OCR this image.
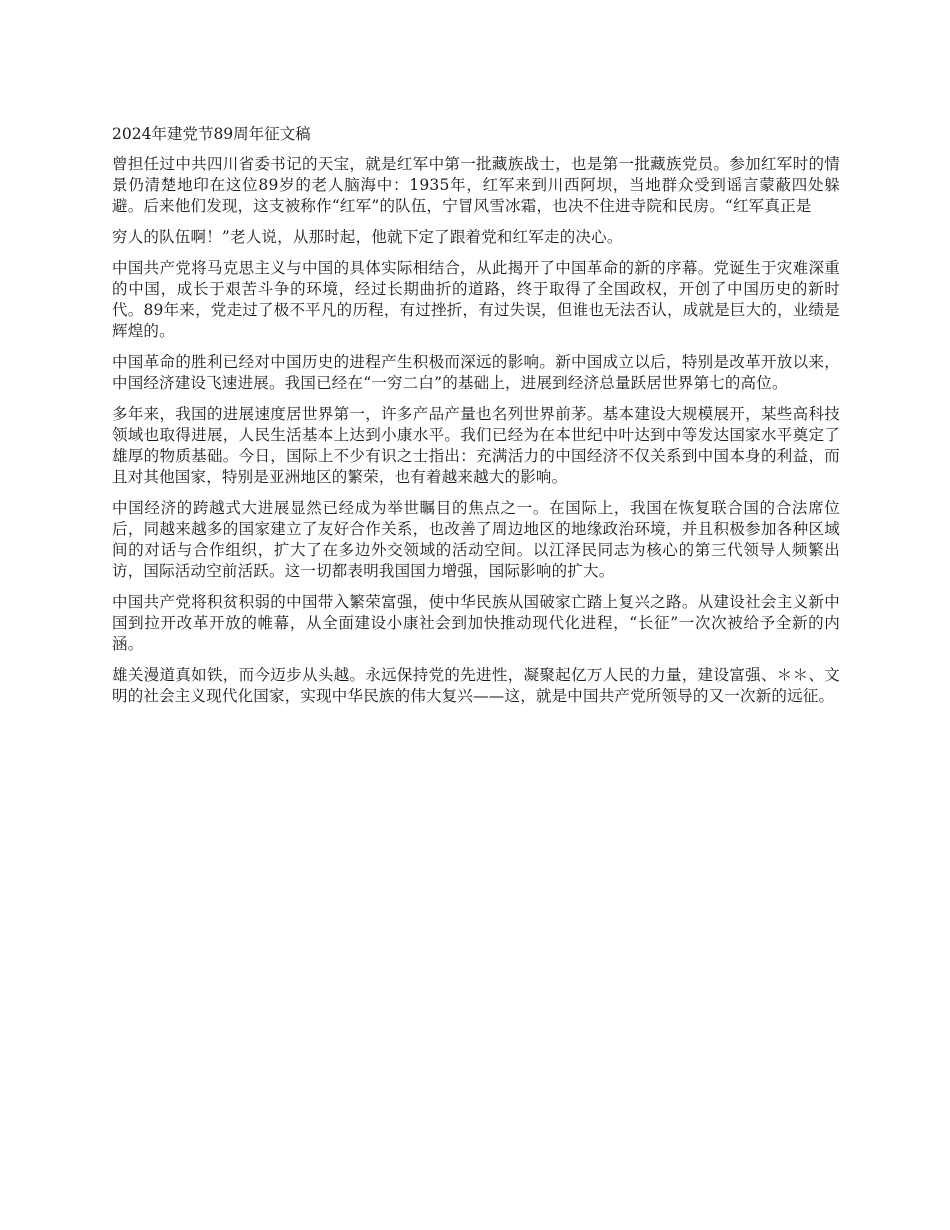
2024年建党节89周年征文稿

曾担任过中共四川省委书记的天宝，就是红军中第一批藏族战士，也是第一批藏族党员。参加红军时的情景仍清楚地印在这位89岁的老人脑海中：1935年，红军来到川西阿坝，当地群众受到谣言蒙蔽四处躲避。后来他们发现，这支被称作“红军”的队伍，宁冒风雪冰霜，也决不住进寺院和民房。“红军真正是

穷人的队伍啊！”老人说，从那时起，他就下定了跟着党和红军走的决心。

中国共产党将马克思主义与中国的具体实际相结合，从此揭开了中国革命的新的序幕。党诞生于灾难深重的中国，成长于艰苦斗争的环境，经过长期曲折的道路，终于取得了全国政权，开创了中国历史的新时代。89年来，党走过了极不平凡的历程，有过挫折，有过失误，但谁也无法否认，成就是巨大的，业绩是辉煌的。

中国革命的胜利已经对中国历史的进程产生积极而深远的影响。新中国成立以后，特别是改革开放以来，中国经济建设飞速进展。我国已经在“一穷二白”的基础上，进展到经济总量跃居世界第七的高位。

多年来，我国的进展速度居世界第一，许多产品产量也名列世界前茅。基本建设大规模展开，某些高科技领域也取得进展，人民生活基本上达到小康水平。我们已经为在本世纪中叶达到中等发达国家水平奠定了雄厚的物质基础。今日，国际上不少有识之士指出：充满活力的中国经济不仅关系到中国本身的利益，而且对其他国家，特别是亚洲地区的繁荣，也有着越来越大的影响。

中国经济的跨越式大进展显然已经成为举世瞩目的焦点之一。在国际上，我国在恢复联合国的合法席位后，同越来越多的国家建立了友好合作关系，也改善了周边地区的地缘政治环境，并且积极参加各种区域间的对话与合作组织，扩大了在多边外交领域的活动空间。以江泽民同志为核心的第三代领导人频繁出访，国际活动空前活跃。这一切都表明我国国力增强，国际影响的扩大。

中国共产党将积贫积弱的中国带入繁荣富强，使中华民族从国破家亡踏上复兴之路。从建设社会主义新中国到拉开改革开放的帷幕，从全面建设小康社会到加快推动现代化进程，“长征”一次次被给予全新的内涵。

雄关漫道真如铁，而今迈步从头越。永远保持党的先进性，凝聚起亿万人民的力量，建设富强、＊＊、文明的社会主义现代化国家，实现中华民族的伟大复兴——这，就是中国共产党所领导的又一次新的远征。
